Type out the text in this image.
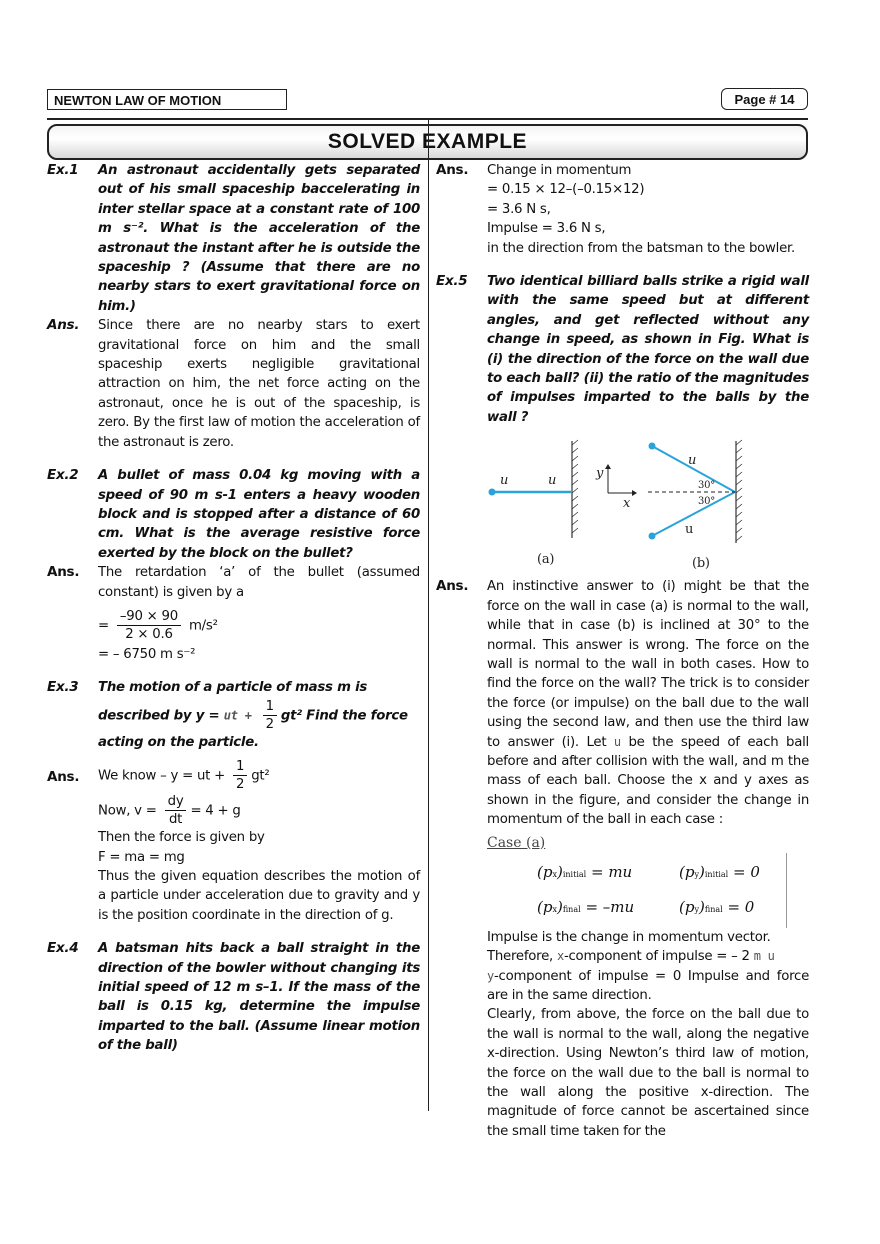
NEWTON LAW OF MOTION	Page # 14
SOLVED EXAMPLE
Ex.1	An astronaut accidentally gets separated out of his small spaceship baccelerating in inter stellar space at a constant rate of 100 m s⁻². What is the acceleration of the astronaut the instant after he is outside the spaceship ? (Assume that there are no nearby stars to exert gravitational force on him.)
Ans.	Since there are no nearby stars to exert gravitational force on him and the small spaceship exerts negligible gravitational attraction on him, the net force acting on the astronaut, once he is out of the spaceship, is zero. By the first law of motion the acceleration of the astronaut is zero.
Ex.2	A bullet of mass 0.04 kg moving with a speed of 90 m s-1 enters a heavy wooden block and is stopped after a distance of 60 cm. What is the average resistive force exerted by the block on the bullet?
Ans.	The retardation ‘a’ of the bullet (assumed constant) is given by a
= $\frac{-90 \times 90}{2 \times 0.6} m/s^2$
= – 6750 m s⁻²
Ex.3	The motion of a particle of mass m is
described by y = ut + $\frac{1}{2} gt^2$ Find the force
acting on the particle.
Ans.	We know – y = ut + $\frac{1}{2} gt^2$
Now, $v = \frac{dy}{dt} = 4 + g$
Then the force is given by
F = ma = mg
Thus the given equation describes the motion of a particle under acceleration due to gravity and y is the position coordinate in the direction of g.
Ex.4	A batsman hits back a ball straight in the direction of the bowler without changing its initial speed of 12 m s–1. If the mass of the ball is 0.15 kg, determine the impulse imparted to the ball. (Assume linear motion of the ball)
Ans.	Change in momentum
= 0.15 × 12–(–0.15×12)
= 3.6 N s,
Impulse = 3.6 N s,
in the direction from the batsman to the bowler.
Ex.5	Two identical billiard balls strike a rigid wall with the same speed but at different angles, and get reflected without any change in speed, as shown in Fig. What is (i) the direction of the force on the wall due to each ball? (ii) the ratio of the magnitudes of impulses imparted to the balls by the wall ?
u	u	y
x
u
u
30°
30°
(a)	(b)
Ans.	An instinctive answer to (i) might be that the force on the wall in case (a) is normal to the wall, while that in case (b) is inclined at 30° to the normal. This answer is wrong. The force on the wall is normal to the wall in both cases. How to find the force on the wall? The trick is to consider the force (or impulse) on the ball due to the wall using the second law, and then use the third law to answer (i). Let u be the speed of each ball before and after collision with the wall, and m the mass of each ball. Choose the x and y axes as shown in the figure, and consider the change in momentum of the ball in each case :
Case (a)
(px)initial = mu	(py)initial = 0
(px)final = –mu	(py)final = 0
Impulse is the change in momentum vector.
Therefore, x-component of impulse = – 2 m u
y-component of impulse = 0 Impulse and force are in the same direction.
Clearly, from above, the force on the ball due to the wall is normal to the wall, along the negative x-direction. Using Newton’s third law of motion, the force on the wall due to the ball is normal to the wall along the positive x-direction. The magnitude of force cannot be ascertained since the small time taken for the
